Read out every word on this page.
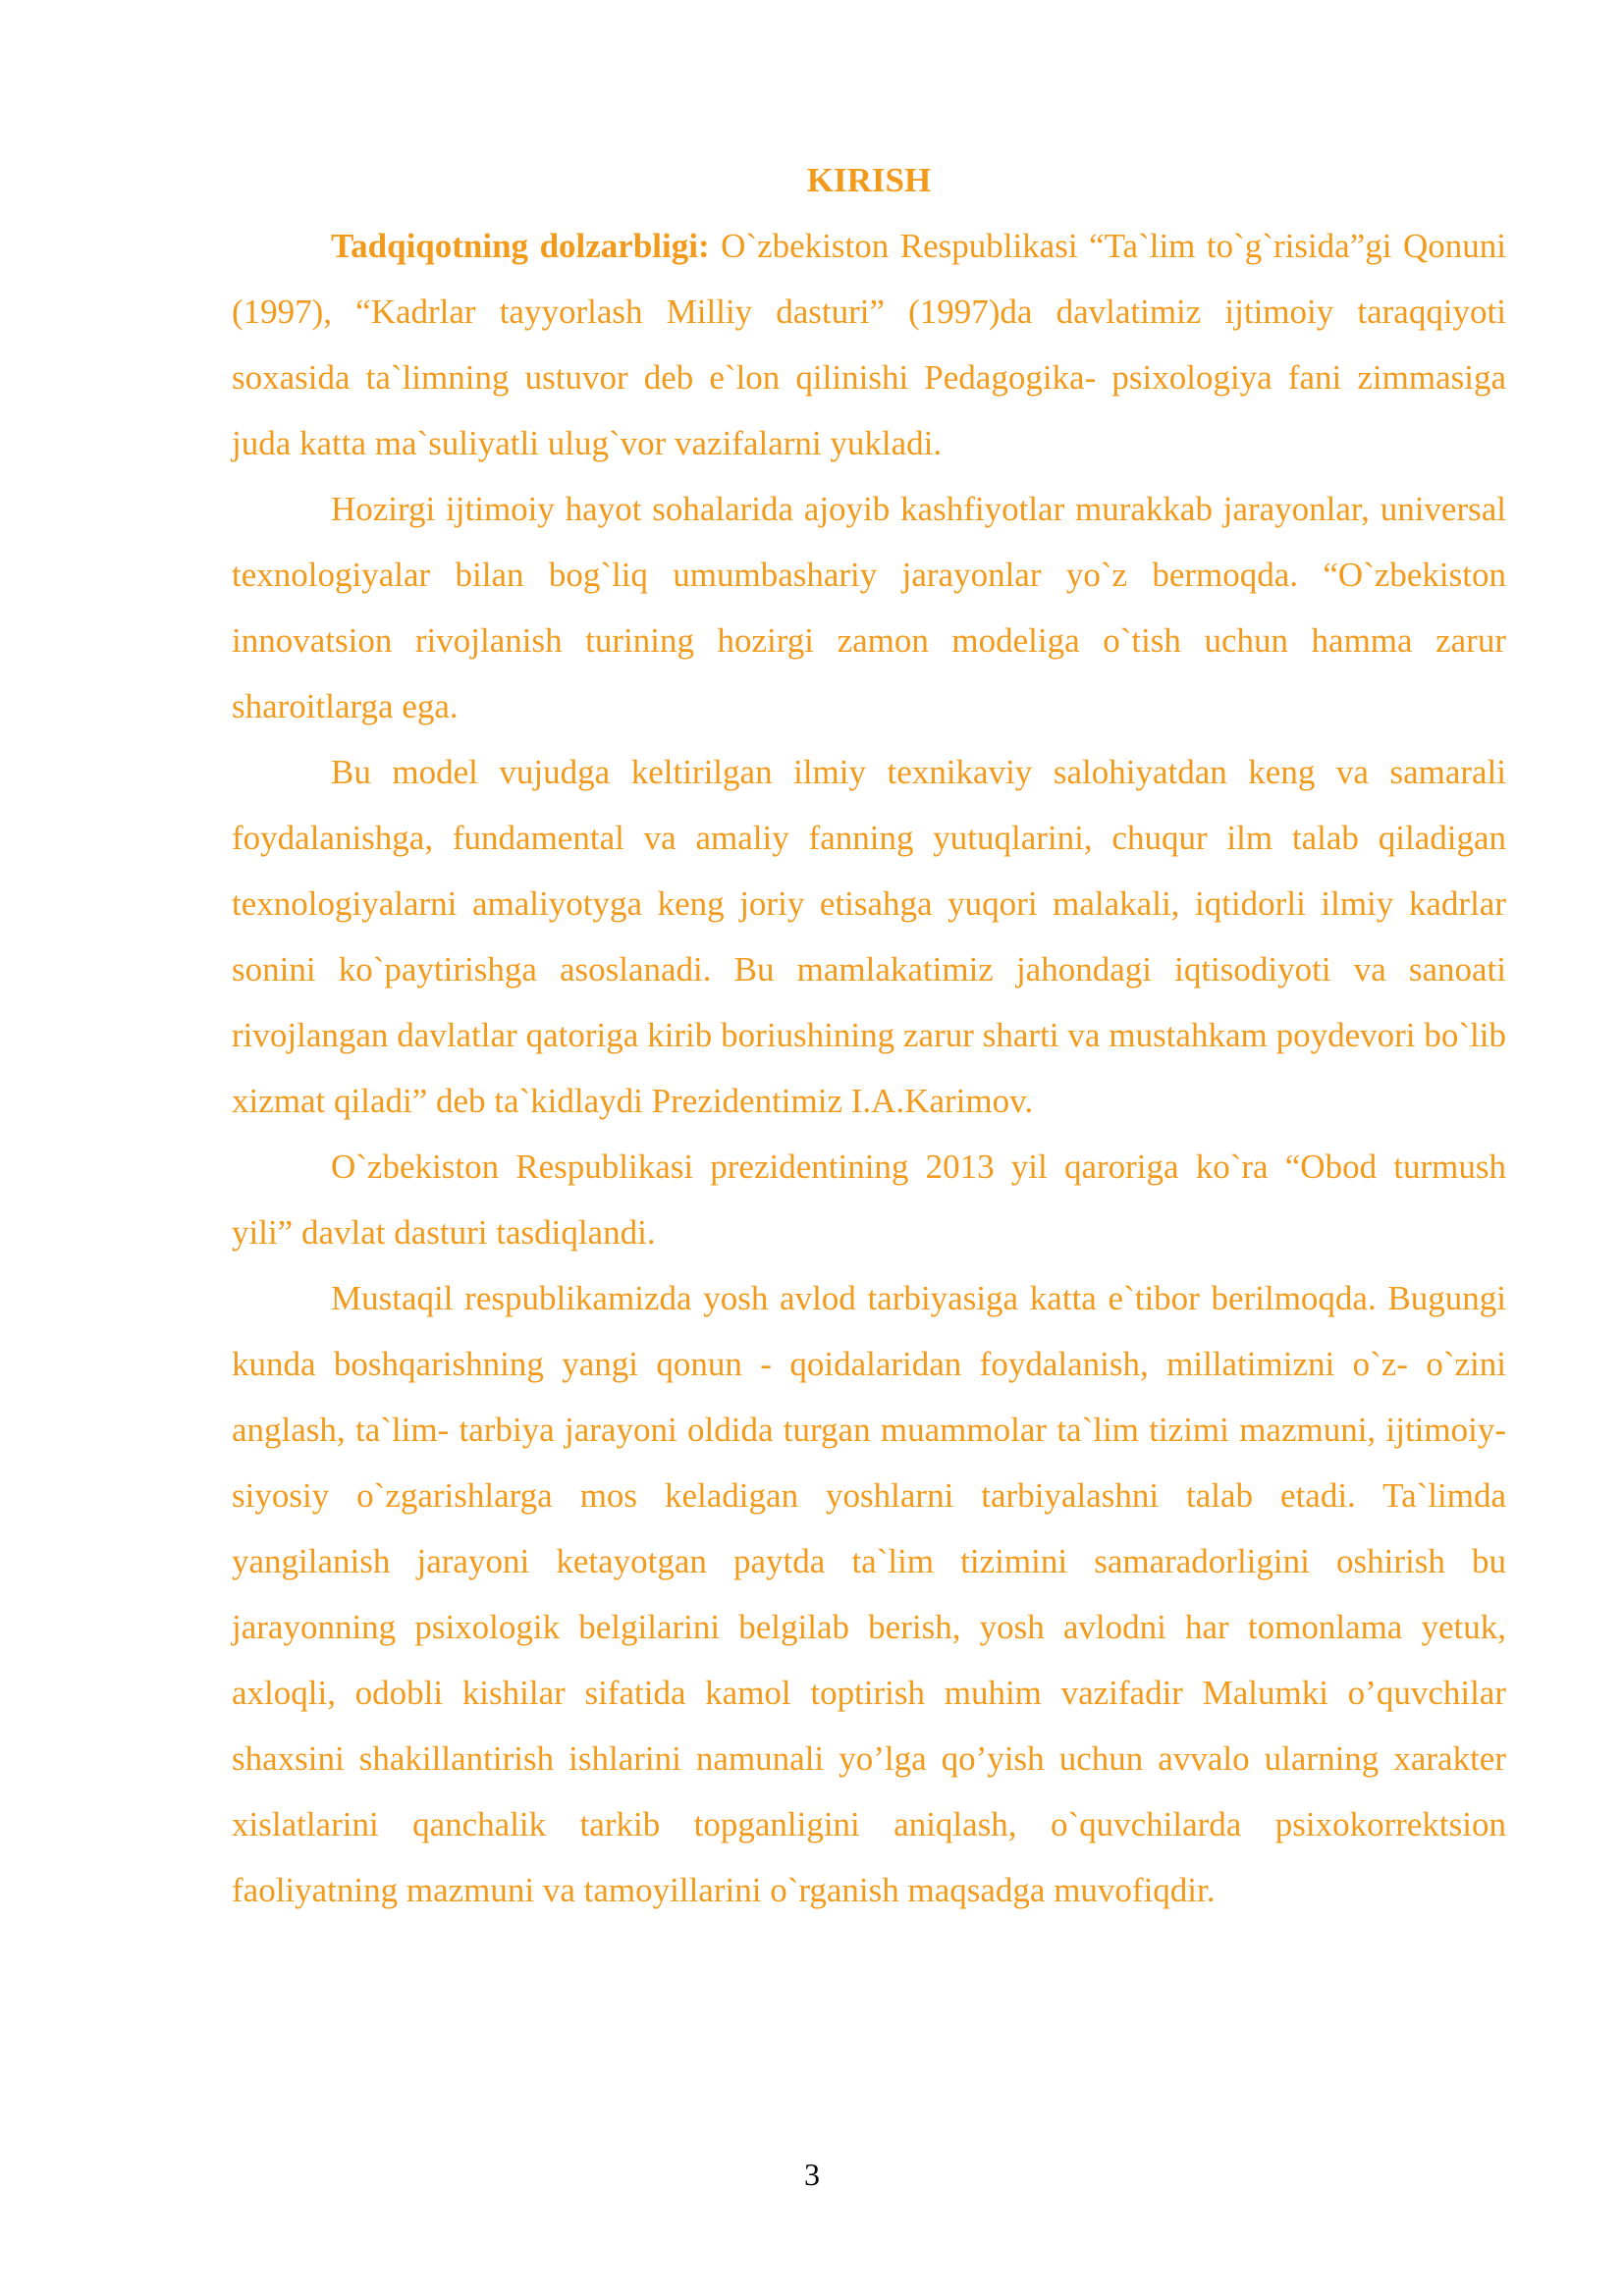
KIRISH

Tadqiqotning dolzarbligi: O`zbekiston Respublikasi “Ta`lim to`g`risida”gi Qonuni (1997), “Kadrlar tayyorlash Milliy dasturi” (1997)da davlatimiz ijtimoiy taraqqiyoti soxasida ta`limning ustuvor deb e`lon qilinishi Pedagogika- psixologiya fani zimmasiga juda katta ma`suliyatli ulug`vor vazifalarni yukladi.

Hozirgi ijtimoiy hayot sohalarida ajoyib kashfiyotlar murakkab jarayonlar, universal texnologiyalar bilan bog`liq umumbashariy jarayonlar yo`z bermoqda. “O`zbekiston innovatsion rivojlanish turining hozirgi zamon modeliga o`tish uchun hamma zarur sharoitlarga ega.

Bu model vujudga keltirilgan ilmiy texnikaviy salohiyatdan keng va samarali foydalanishga, fundamental va amaliy fanning yutuqlarini, chuqur ilm talab qiladigan texnologiyalarni amaliyotyga keng joriy etisahga yuqori malakali, iqtidorli ilmiy kadrlar sonini ko`paytirishga asoslanadi. Bu mamlakatimiz jahondagi iqtisodiyoti va sanoati rivojlangan davlatlar qatoriga kirib boriushining zarur sharti va mustahkam poydevori bo`lib xizmat qiladi” deb ta`kidlaydi Prezidentimiz I.A.Karimov.

O`zbekiston Respublikasi prezidentining 2013 yil qaroriga ko`ra “Obod turmush yili” davlat dasturi tasdiqlandi.

Mustaqil respublikamizda yosh avlod tarbiyasiga katta e`tibor berilmoqda. Bugungi kunda boshqarishning yangi qonun - qoidalaridan foydalanish, millatimizni o`z- o`zini anglash, ta`lim- tarbiya jarayoni oldida turgan muammolar ta`lim tizimi mazmuni, ijtimoiy- siyosiy o`zgarishlarga mos keladigan yoshlarni tarbiyalashni talab etadi. Ta`limda yangilanish jarayoni ketayotgan paytda ta`lim tizimini samaradorligini oshirish bu jarayonning psixologik belgilarini belgilab berish, yosh avlodni har tomonlama yetuk, axloqli, odobli kishilar sifatida kamol toptirish muhim vazifadir Malumki o’quvchilar shaxsini shakillantirish ishlarini namunali yo’lga qo’yish uchun avvalo ularning xarakter xislatlarini qanchalik tarkib topganligini aniqlash, o`quvchilarda psixokorrektsion faoliyatning mazmuni va tamoyillarini o`rganish maqsadga muvofiqdir.

3
